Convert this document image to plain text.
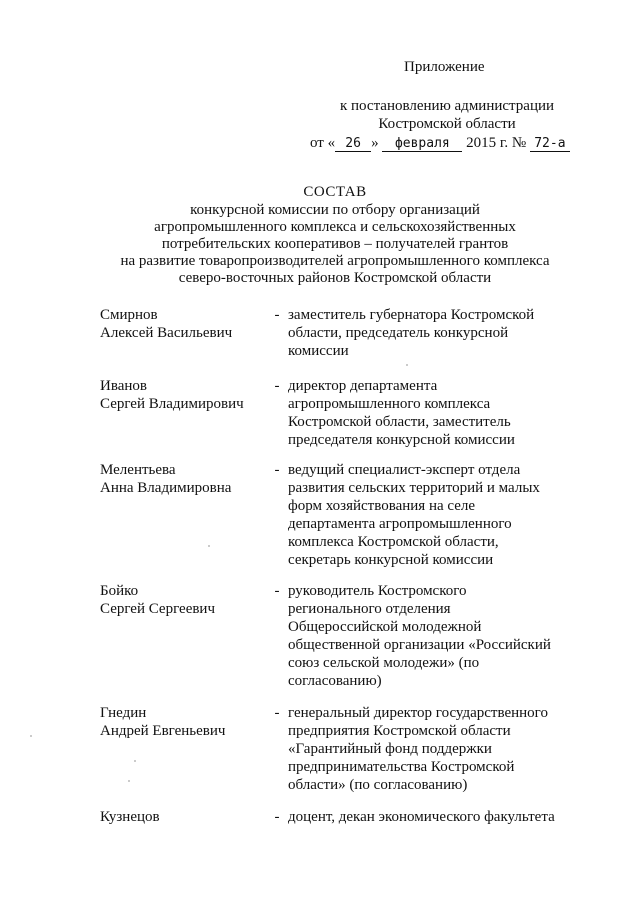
Приложение
к постановлению администрации
Костромской области
от « 26 » февраля 2015 г. № 72-а
СОСТАВ
конкурсной комиссии по отбору организаций
агропромышленного комплекса и сельскохозяйственных
потребительских кооперативов – получателей грантов
на развитие товаропроизводителей агропромышленного комплекса
северо-восточных районов Костромской области
Смирнов
Алексей Васильевич
- заместитель губернатора Костромской
области, председатель конкурсной
комиссии
Иванов
Сергей Владимирович
- директор департамента
агропромышленного комплекса
Костромской области, заместитель
председателя конкурсной комиссии
Мелентьева
Анна Владимировна
- ведущий специалист-эксперт отдела
развития сельских территорий и малых
форм хозяйствования на селе
департамента агропромышленного
комплекса Костромской области,
секретарь конкурсной комиссии
Бойко
Сергей Сергеевич
- руководитель Костромского
регионального отделения
Общероссийской молодежной
общественной организации «Российский
союз сельской молодежи» (по
согласованию)
Гнедин
Андрей Евгеньевич
- генеральный директор государственного
предприятия Костромской области
«Гарантийный фонд поддержки
предпринимательства Костромской
области» (по согласованию)
Кузнецов	- доцент, декан экономического факультета
